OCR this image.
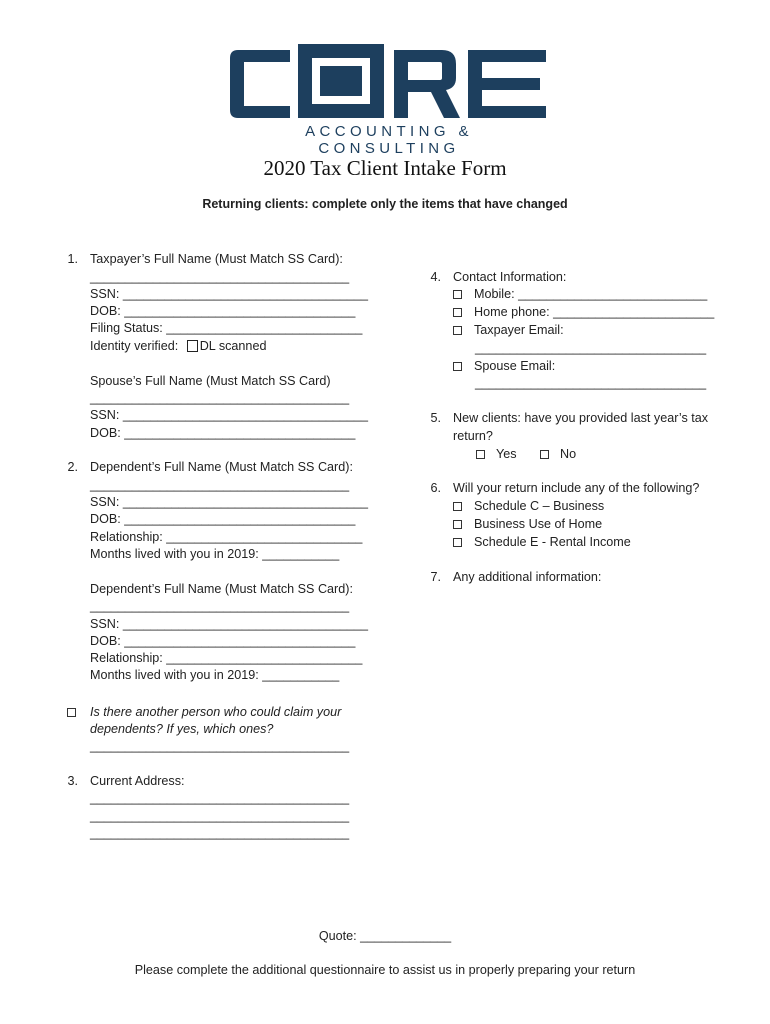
ACCOUNTING & CONSULTING
2020 Tax Client Intake Form
Returning clients: complete only the items that have changed
1. Taxpayer’s Full Name (Must Match SS Card):
_____________________________________
SSN: ___________________________________
DOB: _________________________________
Filing Status: ____________________________
Identity verified: DL scanned
Spouse’s Full Name (Must Match SS Card)
_____________________________________
SSN: ___________________________________
DOB: _________________________________
2. Dependent’s Full Name (Must Match SS Card):
_____________________________________
SSN: ___________________________________
DOB: _________________________________
Relationship: ____________________________
Months lived with you in 2019: ___________
Dependent’s Full Name (Must Match SS Card):
_____________________________________
SSN: ___________________________________
DOB: _________________________________
Relationship: ____________________________
Months lived with you in 2019: ___________
Is there another person who could claim your
dependents? If yes, which ones?
_____________________________________
3. Current Address:
_____________________________________
_____________________________________
_____________________________________
4. Contact Information:
Mobile: ___________________________
Home phone: _______________________
Taxpayer Email:
_________________________________
Spouse Email:
_________________________________
5. New clients: have you provided last year’s tax
return?
Yes	No
6. Will your return include any of the following?
Schedule C – Business
Business Use of Home
Schedule E - Rental Income
7. Any additional information:
Quote: _____________
Please complete the additional questionnaire to assist us in properly preparing your return
